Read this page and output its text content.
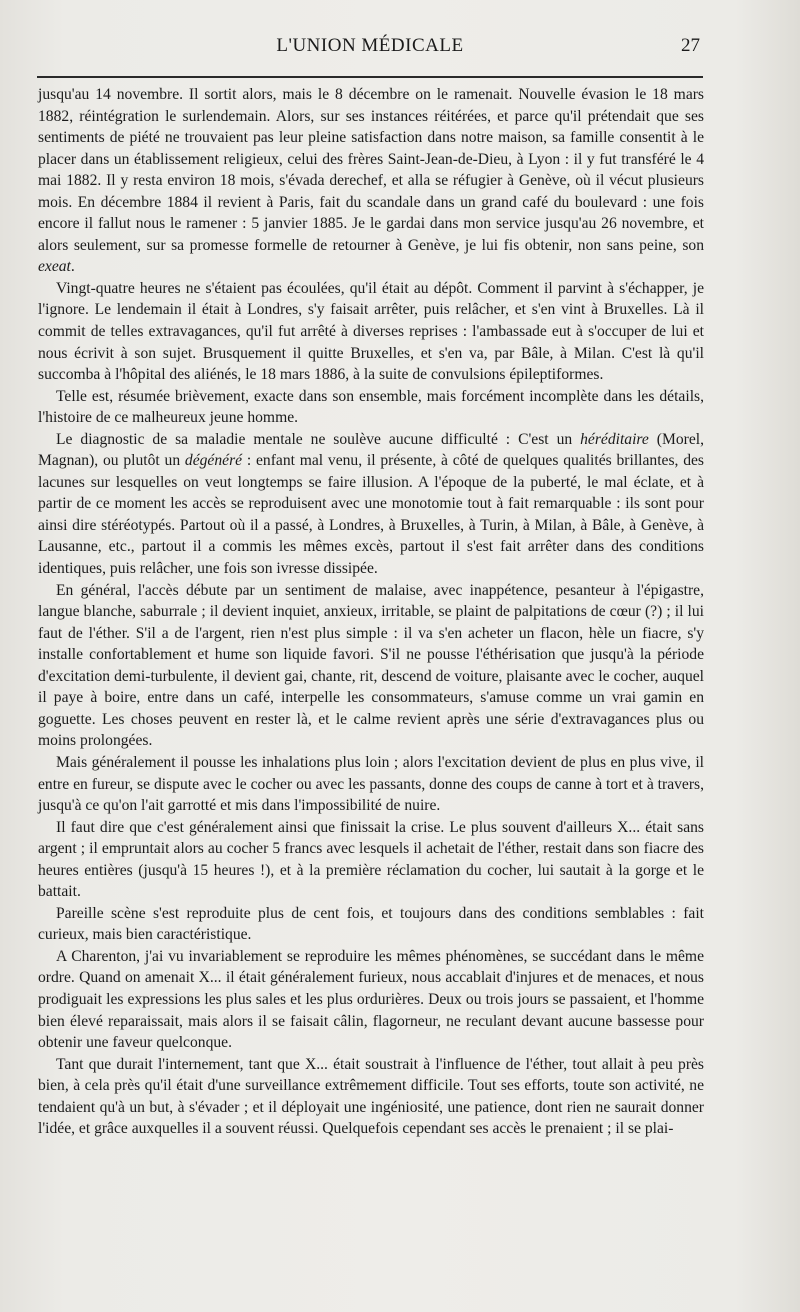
L'UNION MÉDICALE	27

jusqu'au 14 novembre. Il sortit alors, mais le 8 décembre on le ramenait. Nouvelle évasion le 18 mars 1882, réintégration le surlendemain. Alors, sur ses instances réitérées, et parce qu'il prétendait que ses sentiments de piété ne trouvaient pas leur pleine satisfaction dans notre maison, sa famille consentit à le placer dans un établissement religieux, celui des frères Saint-Jean-de-Dieu, à Lyon : il y fut transféré le 4 mai 1882. Il y resta environ 18 mois, s'évada derechef, et alla se réfugier à Genève, où il vécut plusieurs mois. En décembre 1884 il revient à Paris, fait du scandale dans un grand café du boulevard : une fois encore il fallut nous le ramener : 5 janvier 1885. Je le gardai dans mon service jusqu'au 26 novembre, et alors seulement, sur sa promesse formelle de retourner à Genève, je lui fis obtenir, non sans peine, son exeat.

Vingt-quatre heures ne s'étaient pas écoulées, qu'il était au dépôt. Comment il parvint à s'échapper, je l'ignore. Le lendemain il était à Londres, s'y faisait arrêter, puis relâcher, et s'en vint à Bruxelles. Là il commit de telles extravagances, qu'il fut arrêté à diverses reprises : l'ambassade eut à s'occuper de lui et nous écrivit à son sujet. Brusquement il quitte Bruxelles, et s'en va, par Bâle, à Milan. C'est là qu'il succomba à l'hôpital des aliénés, le 18 mars 1886, à la suite de convulsions épileptiformes.

Telle est, résumée brièvement, exacte dans son ensemble, mais forcément incomplète dans les détails, l'histoire de ce malheureux jeune homme.

Le diagnostic de sa maladie mentale ne soulève aucune difficulté : C'est un héréditaire (Morel, Magnan), ou plutôt un dégénéré : enfant mal venu, il présente, à côté de quelques qualités brillantes, des lacunes sur lesquelles on veut longtemps se faire illusion. A l'époque de la puberté, le mal éclate, et à partir de ce moment les accès se reproduisent avec une monotomie tout à fait remarquable : ils sont pour ainsi dire stéréotypés. Partout où il a passé, à Londres, à Bruxelles, à Turin, à Milan, à Bâle, à Genève, à Lausanne, etc., partout il a commis les mêmes excès, partout il s'est fait arrêter dans des conditions identiques, puis relâcher, une fois son ivresse dissipée.

En général, l'accès débute par un sentiment de malaise, avec inappétence, pesanteur à l'épigastre, langue blanche, saburrale ; il devient inquiet, anxieux, irritable, se plaint de palpitations de cœur (?) ; il lui faut de l'éther. S'il a de l'argent, rien n'est plus simple : il va s'en acheter un flacon, hèle un fiacre, s'y installe confortablement et hume son liquide favori. S'il ne pousse l'éthérisation que jusqu'à la période d'excitation demi-turbulente, il devient gai, chante, rit, descend de voiture, plaisante avec le cocher, auquel il paye à boire, entre dans un café, interpelle les consommateurs, s'amuse comme un vrai gamin en goguette. Les choses peuvent en rester là, et le calme revient après une série d'extravagances plus ou moins prolongées.

Mais généralement il pousse les inhalations plus loin ; alors l'excitation devient de plus en plus vive, il entre en fureur, se dispute avec le cocher ou avec les passants, donne des coups de canne à tort et à travers, jusqu'à ce qu'on l'ait garrotté et mis dans l'impossibilité de nuire.

Il faut dire que c'est généralement ainsi que finissait la crise. Le plus souvent d'ailleurs X... était sans argent ; il empruntait alors au cocher 5 francs avec lesquels il achetait de l'éther, restait dans son fiacre des heures entières (jusqu'à 15 heures !), et à la première réclamation du cocher, lui sautait à la gorge et le battait.

Pareille scène s'est reproduite plus de cent fois, et toujours dans des conditions semblables : fait curieux, mais bien caractéristique.

A Charenton, j'ai vu invariablement se reproduire les mêmes phénomènes, se succédant dans le même ordre. Quand on amenait X... il était généralement furieux, nous accablait d'injures et de menaces, et nous prodiguait les expressions les plus sales et les plus ordurières. Deux ou trois jours se passaient, et l'homme bien élevé reparaissait, mais alors il se faisait câlin, flagorneur, ne reculant devant aucune bassesse pour obtenir une faveur quelconque.

Tant que durait l'internement, tant que X... était soustrait à l'influence de l'éther, tout allait à peu près bien, à cela près qu'il était d'une surveillance extrêmement difficile. Tout ses efforts, toute son activité, ne tendaient qu'à un but, à s'évader ; et il déployait une ingéniosité, une patience, dont rien ne saurait donner l'idée, et grâce auxquelles il a souvent réussi. Quelquefois cependant ses accès le prenaient ; il se plai-
